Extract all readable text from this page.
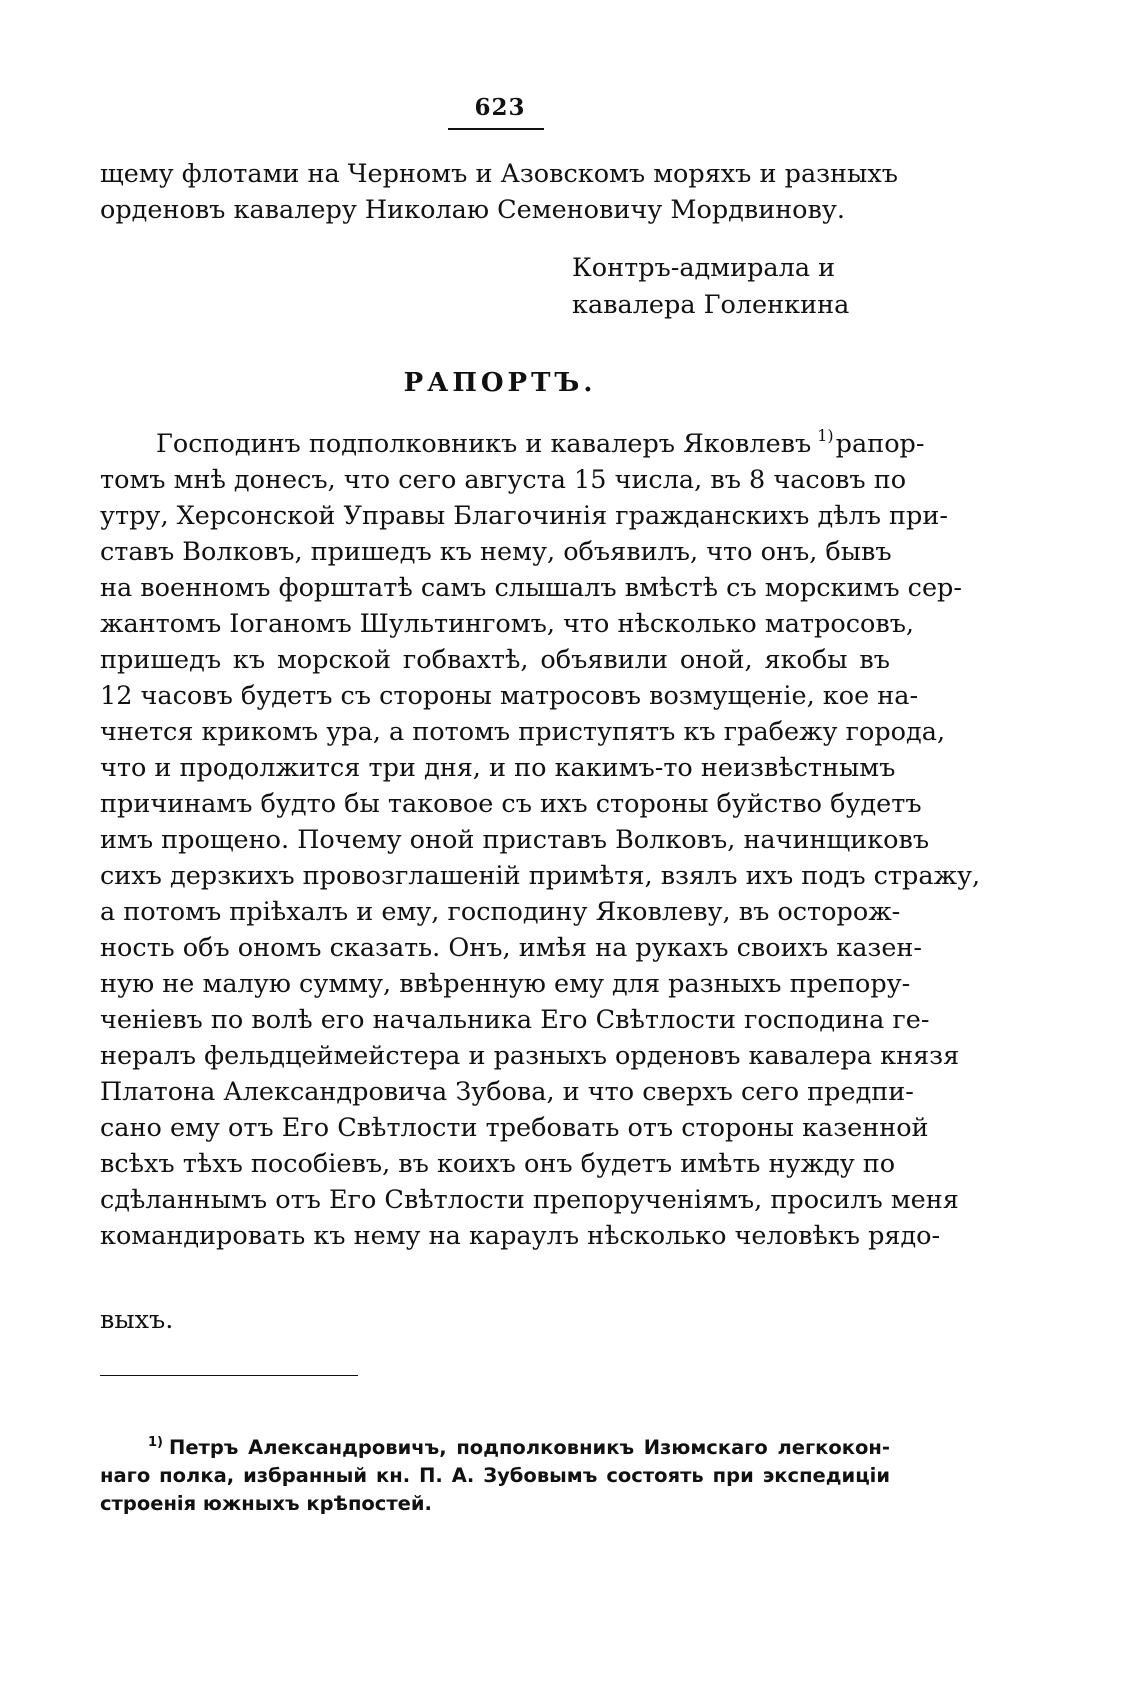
623
щему флотами на Черномъ и Азовскомъ моряхъ и разныхъ
орденовъ кавалеру Николаю Семеновичу Мордвинову.
Контръ-адмирала и
кавалера Голенкина
РАПОРТЪ.
Господинъ подполковникъ и кавалеръ Яковлевъ $^{1)}$рапор-
томъ мнѣ донесъ, что сего августа 15 числа, въ 8 часовъ по
утру, Херсонской Управы Благочинія гражданскихъ дѣлъ при-
ставъ Волковъ, пришедъ къ нему, объявилъ, что онъ, бывъ
на военномъ форштатѣ самъ слышалъ вмѣстѣ съ морскимъ сер-
жантомъ Іоганомъ Шультингомъ, что нѣсколько матросовъ,
пришедъ къ морской гобвахтѣ, объявили оной, якобы въ
12 часовъ будетъ съ стороны матросовъ возмущеніе, кое на-
чнется крикомъ ура, а потомъ приступятъ къ грабежу города,
что и продолжится три дня, и по какимъ-то неизвѣстнымъ
причинамъ будто бы таковое съ ихъ стороны буйство будетъ
имъ прощено. Почему оной приставъ Волковъ, начинщиковъ
сихъ дерзкихъ провозглашеній примѣтя, взялъ ихъ подъ стражу,
а потомъ пріѣхалъ и ему, господину Яковлеву, въ осторож-
ность объ ономъ сказать. Онъ, имѣя на рукахъ своихъ казен-
ную не малую сумму, ввѣренную ему для разныхъ препору-
ченіевъ по волѣ его начальника Его Свѣтлости господина ге-
нералъ фельдцеймейстера и разныхъ орденовъ кавалера князя
Платона Александровича Зубова, и что сверхъ сего предпи-
сано ему отъ Его Свѣтлости требовать отъ стороны казенной
всѣхъ тѣхъ пособіевъ, въ коихъ онъ будетъ имѣть нужду по
сдѣланнымъ отъ Его Свѣтлости препорученіямъ, просилъ меня
командировать къ нему на караулъ нѣсколько человѣкъ рядо-
выхъ.
$^{1)}$ Петръ Александровичъ, подполковникъ Изюмскаго легкокон-
наго полка, избранный кн. П. А. Зубовымъ состоять при экспедиціи
строенія южныхъ крѣпостей.
